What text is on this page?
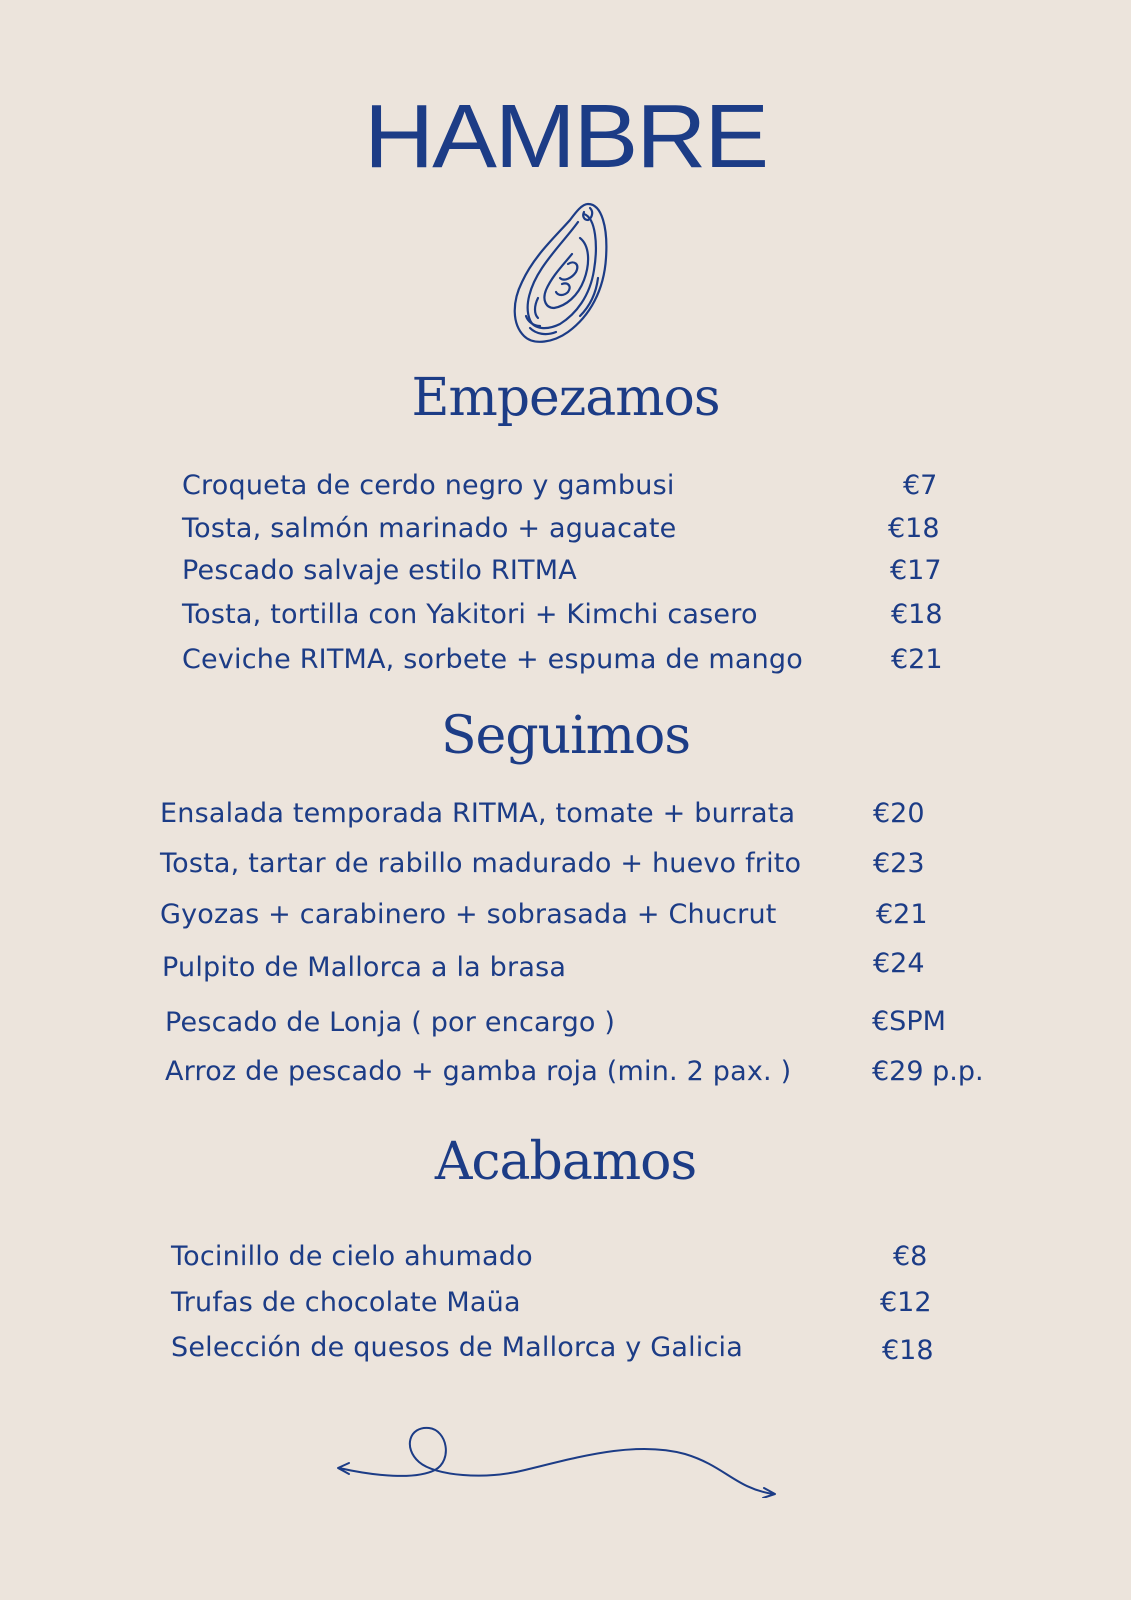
HAMBRE
Empezamos
Croqueta de cerdo negro y gambusi	€7
Tosta, salmón marinado + aguacate	€18
Pescado salvaje estilo RITMA	€17
Tosta, tortilla con Yakitori + Kimchi casero	€18
Ceviche RITMA, sorbete + espuma de mango	€21
Seguimos
Ensalada temporada RITMA, tomate + burrata	€20
Tosta, tartar de rabillo madurado + huevo frito	€23
Gyozas + carabinero + sobrasada + Chucrut	€21
Pulpito de Mallorca a la brasa	€24
Pescado de Lonja ( por encargo )	€SPM
Arroz de pescado + gamba roja (min. 2 pax. )	€29 p.p.
Acabamos
Tocinillo de cielo ahumado	€8
Trufas de chocolate Maüa	€12
Selección de quesos de Mallorca y Galicia	€18
